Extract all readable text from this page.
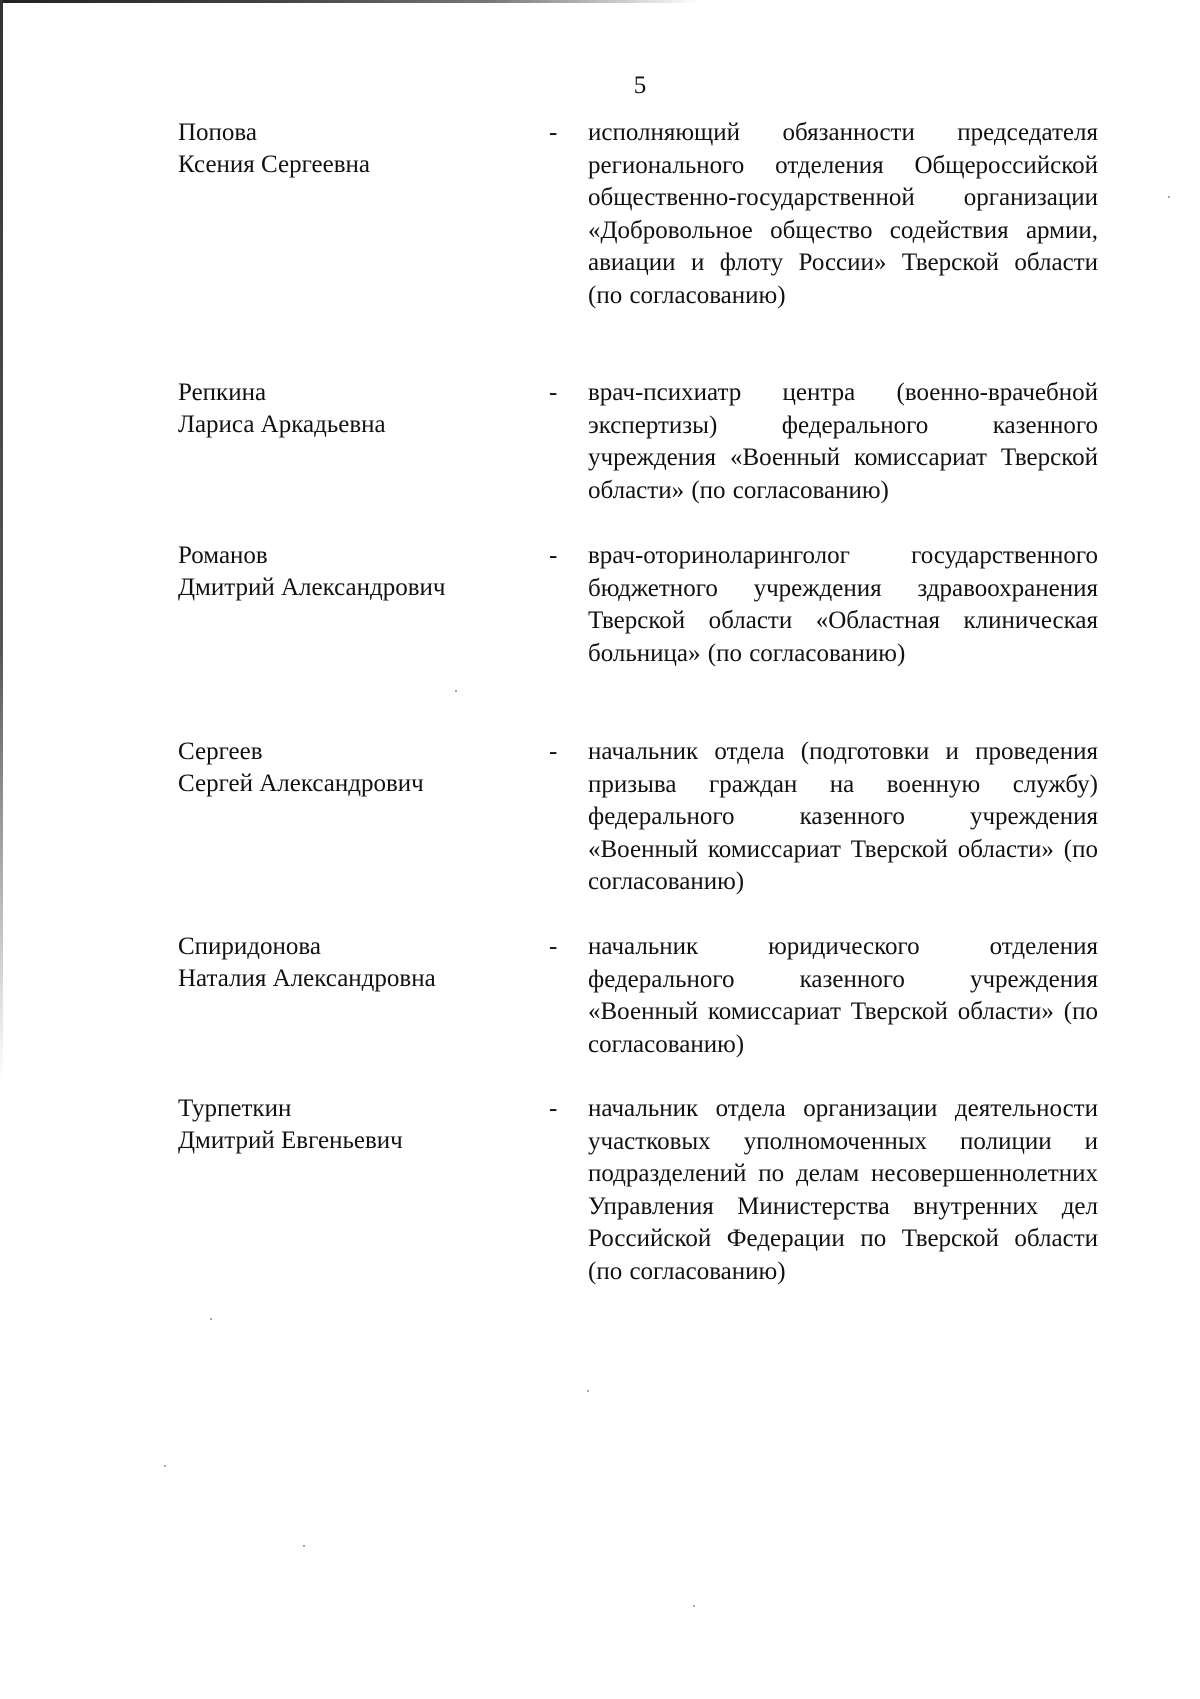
5
Попова
Ксения Сергеевна
- исполняющий обязанности председателя регионального отделения Общероссийской общественно-государственной организации «Добровольное общество содействия армии, авиации и флоту России» Тверской области (по согласованию)
Репкина
Лариса Аркадьевна
- врач-психиатр центра (военно-врачебной экспертизы) федерального казенного учреждения «Военный комиссариат Тверской области» (по согласованию)
Романов
Дмитрий Александрович
- врач-оториноларинголог государственного бюджетного учреждения здравоохранения Тверской области «Областная клиническая больница» (по согласованию)
Сергеев
Сергей Александрович
- начальник отдела (подготовки и проведения призыва граждан на военную службу) федерального казенного учреждения «Военный комиссариат Тверской области» (по согласованию)
Спиридонова
Наталия Александровна
- начальник юридического отделения федерального казенного учреждения «Военный комиссариат Тверской области» (по согласованию)
Турпеткин
Дмитрий Евгеньевич
- начальник отдела организации деятельности участковых уполномоченных полиции и подразделений по делам несовершеннолетних Управления Министерства внутренних дел Российской Федерации по Тверской области (по согласованию)
